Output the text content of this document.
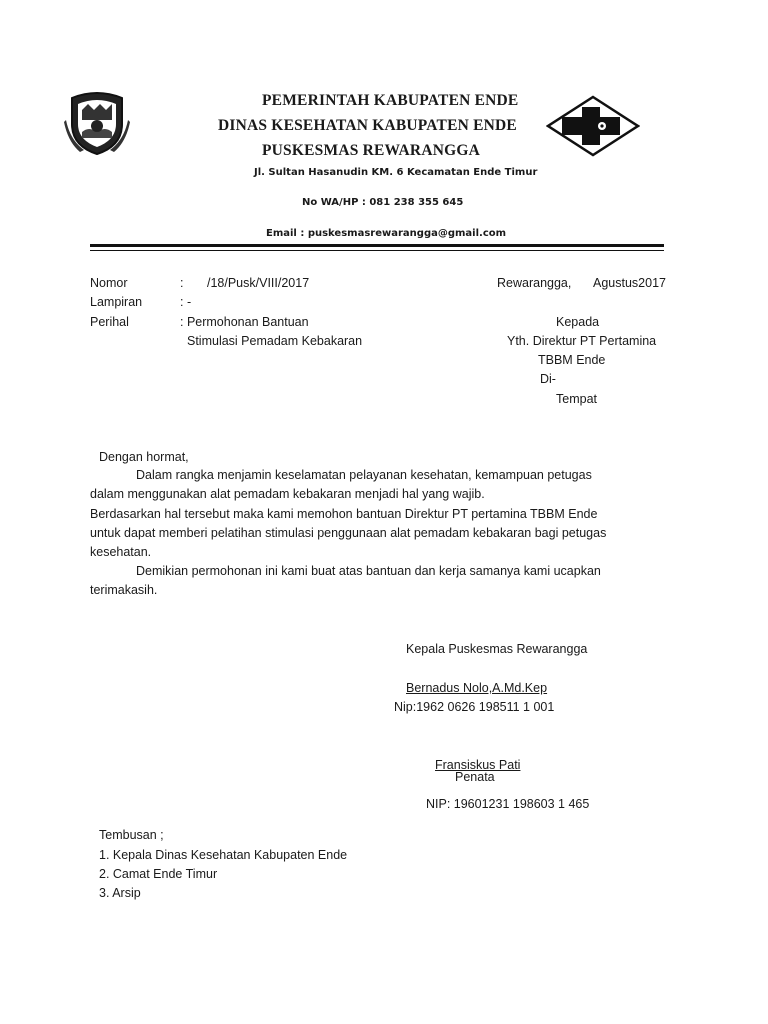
PEMERINTAH KABUPATEN ENDE
DINAS KESEHATAN KABUPATEN ENDE
PUSKESMAS REWARANGGA
Jl. Sultan Hasanudin KM. 6 Kecamatan Ende Timur
No WA/HP : 081 238 355 645
Email : puskesmasrewarangga@gmail.com
Nomor	: /18/Pusk/VIII/2017
Lampiran	: -
Perihal	: Permohonan Bantuan
Stimulasi Pemadam Kebakaran
Rewarangga, Agustus2017
Kepada
Yth. Direktur PT Pertamina
TBBM Ende
Di-
Tempat
Dengan hormat,
Dalam rangka menjamin keselamatan pelayanan kesehatan, kemampuan petugas
dalam menggunakan alat pemadam kebakaran menjadi hal yang wajib.
Berdasarkan hal tersebut maka kami memohon bantuan Direktur PT pertamina TBBM Ende
untuk dapat memberi pelatihan stimulasi penggunaan alat pemadam kebakaran bagi petugas
kesehatan.
Demikian permohonan ini kami buat atas bantuan dan kerja samanya kami ucapkan
terimakasih.
Kepala Puskesmas Rewarangga
Bernadus Nolo,A.Md.Kep
Nip:1962 0626 198511 1 001
Fransiskus Pati
Penata
NIP: 19601231 198603 1 465
Tembusan ;
1. Kepala Dinas Kesehatan Kabupaten Ende
2. Camat Ende Timur
3. Arsip
